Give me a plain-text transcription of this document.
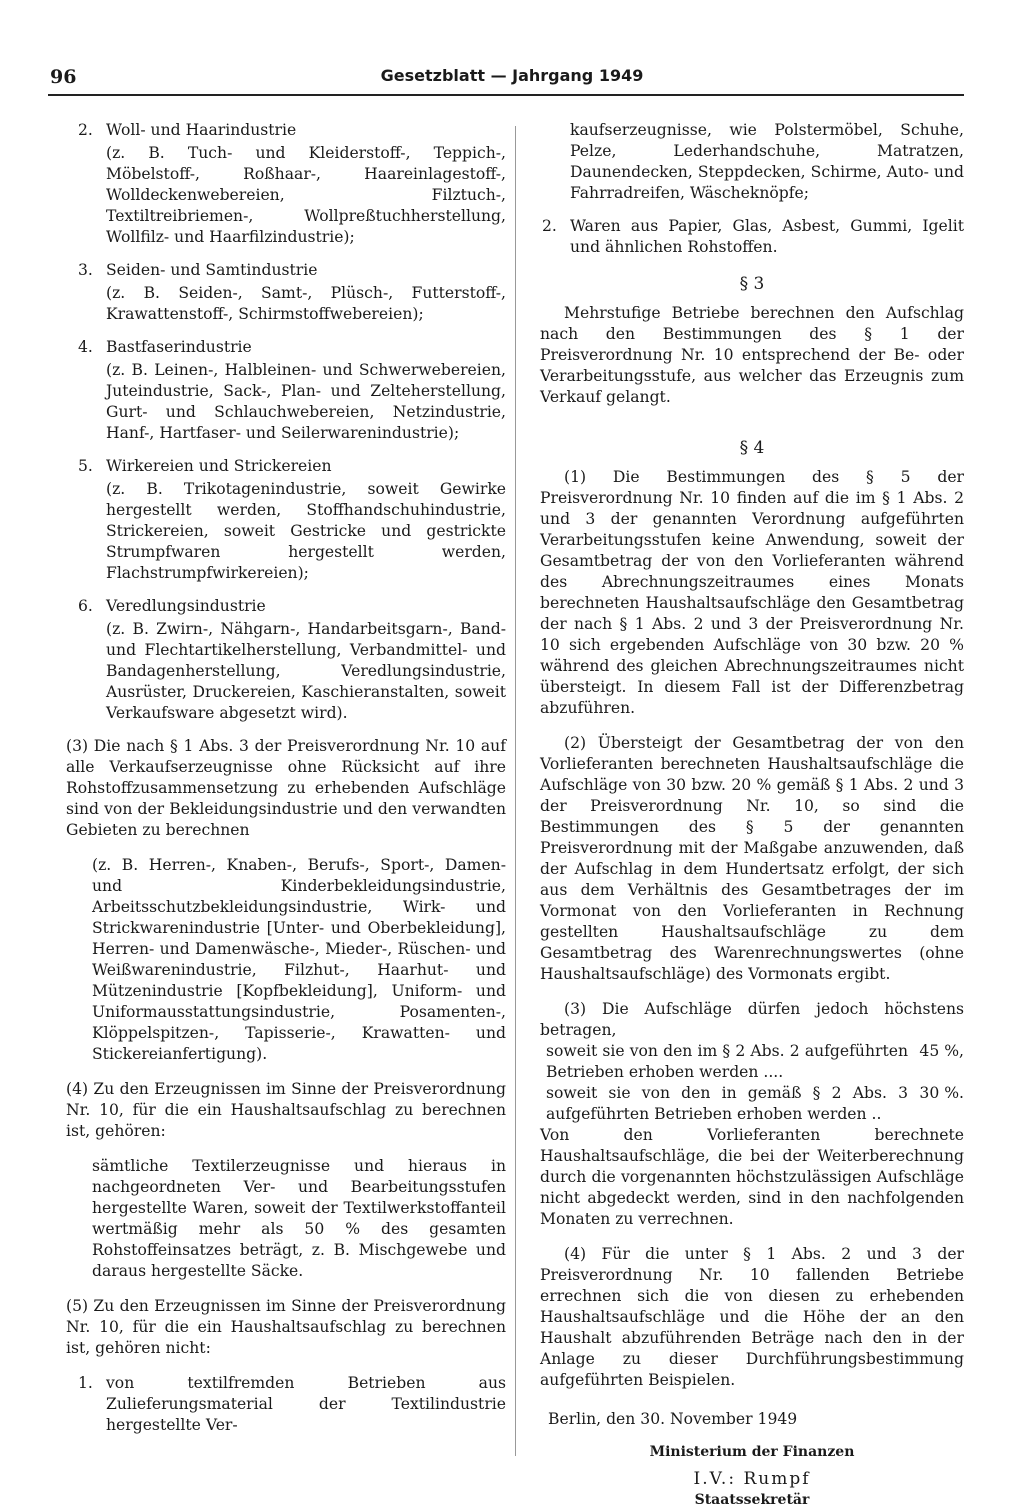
96	Gesetzblatt — Jahrgang 1949
2. Woll- und Haarindustrie
(z. B. Tuch- und Kleiderstoff-, Teppich-, Möbelstoff-, Roßhaar-, Haareinlagestoff-, Wolldeckenwebereien, Filztuch-, Textiltreibriemen-, Wollpreßtuchherstellung, Wollfilz- und Haarfilzindustrie);
3. Seiden- und Samtindustrie
(z. B. Seiden-, Samt-, Plüsch-, Futterstoff-, Krawattenstoff-, Schirmstoffwebereien);
4. Bastfaserindustrie
(z. B. Leinen-, Halbleinen- und Schwerwebereien, Juteindustrie, Sack-, Plan- und Zelteherstellung, Gurt- und Schlauchwebereien, Netzindustrie, Hanf-, Hartfaser- und Seilerwarenindustrie);
5. Wirkereien und Strickereien
(z. B. Trikotagenindustrie, soweit Gewirke hergestellt werden, Stoffhandschuhindustrie, Strickereien, soweit Gestricke und gestrickte Strumpfwaren hergestellt werden, Flachstrumpfwirkereien);
6. Veredlungsindustrie
(z. B. Zwirn-, Nähgarn-, Handarbeitsgarn-, Band- und Flechtartikelherstellung, Verbandmittel- und Bandagenherstellung, Veredlungsindustrie, Ausrüster, Druckereien, Kaschieranstalten, soweit Verkaufsware abgesetzt wird).
(3) Die nach § 1 Abs. 3 der Preisverordnung Nr. 10 auf alle Verkaufserzeugnisse ohne Rücksicht auf ihre Rohstoffzusammensetzung zu erhebenden Aufschläge sind von der Bekleidungsindustrie und den verwandten Gebieten zu berechnen
(z. B. Herren-, Knaben-, Berufs-, Sport-, Damen- und Kinderbekleidungsindustrie, Arbeitsschutzbekleidungsindustrie, Wirk- und Strickwarenindustrie [Unter- und Oberbekleidung], Herren- und Damenwäsche-, Mieder-, Rüschen- und Weißwarenindustrie, Filzhut-, Haarhut- und Mützenindustrie [Kopfbekleidung], Uniform- und Uniformausstattungsindustrie, Posamenten-, Klöppelspitzen-, Tapisserie-, Krawatten- und Stickereianfertigung).
(4) Zu den Erzeugnissen im Sinne der Preisverordnung Nr. 10, für die ein Haushaltsaufschlag zu berechnen ist, gehören:
sämtliche Textilerzeugnisse und hieraus in nachgeordneten Ver- und Bearbeitungsstufen hergestellte Waren, soweit der Textilwerkstoffanteil wertmäßig mehr als 50 % des gesamten Rohstoffeinsatzes beträgt, z. B. Mischgewebe und daraus hergestellte Säcke.
(5) Zu den Erzeugnissen im Sinne der Preisverordnung Nr. 10, für die ein Haushaltsaufschlag zu berechnen ist, gehören nicht:
1. von textilfremden Betrieben aus Zulieferungsmaterial der Textilindustrie hergestellte Ver-
kaufserzeugnisse, wie Polstermöbel, Schuhe, Pelze, Lederhandschuhe, Matratzen, Daunendecken, Steppdecken, Schirme, Auto- und Fahrradreifen, Wäscheknöpfe;
2. Waren aus Papier, Glas, Asbest, Gummi, Igelit und ähnlichen Rohstoffen.
§ 3
Mehrstufige Betriebe berechnen den Aufschlag nach den Bestimmungen des § 1 der Preisverordnung Nr. 10 entsprechend der Be- oder Verarbeitungsstufe, aus welcher das Erzeugnis zum Verkauf gelangt.
§ 4
(1) Die Bestimmungen des § 5 der Preisverordnung Nr. 10 finden auf die im § 1 Abs. 2 und 3 der genannten Verordnung aufgeführten Verarbeitungsstufen keine Anwendung, soweit der Gesamtbetrag der von den Vorlieferanten während des Abrechnungszeitraumes eines Monats berechneten Haushaltsaufschläge den Gesamtbetrag der nach § 1 Abs. 2 und 3 der Preisverordnung Nr. 10 sich ergebenden Aufschläge von 30 bzw. 20 % während des gleichen Abrechnungszeitraumes nicht übersteigt. In diesem Fall ist der Differenzbetrag abzuführen.
(2) Übersteigt der Gesamtbetrag der von den Vorlieferanten berechneten Haushaltsaufschläge die Aufschläge von 30 bzw. 20 % gemäß § 1 Abs. 2 und 3 der Preisverordnung Nr. 10, so sind die Bestimmungen des § 5 der genannten Preisverordnung mit der Maßgabe anzuwenden, daß der Aufschlag in dem Hundertsatz erfolgt, der sich aus dem Verhältnis des Gesamtbetrages der im Vormonat von den Vorlieferanten in Rechnung gestellten Haushaltsaufschläge zu dem Gesamtbetrag des Warenrechnungswertes (ohne Haushaltsaufschläge) des Vormonats ergibt.
(3) Die Aufschläge dürfen jedoch höchstens betragen,
soweit sie von den im § 2 Abs. 2 aufgeführten Betrieben erhoben werden ....
45 %,
soweit sie von den in gemäß § 2 Abs. 3 aufgeführten Betrieben erhoben werden ..
30 %.
Von den Vorlieferanten berechnete Haushaltsaufschläge, die bei der Weiterberechnung durch die vorgenannten höchstzulässigen Aufschläge nicht abgedeckt werden, sind in den nachfolgenden Monaten zu verrechnen.
(4) Für die unter § 1 Abs. 2 und 3 der Preisverordnung Nr. 10 fallenden Betriebe errechnen sich die von diesen zu erhebenden Haushaltsaufschläge und die Höhe der an den Haushalt abzuführenden Beträge nach den in der Anlage zu dieser Durchführungsbestimmung aufgeführten Beispielen.
Berlin, den 30. November 1949
Ministerium der Finanzen
I.V.: Rumpf
Staatssekretär
